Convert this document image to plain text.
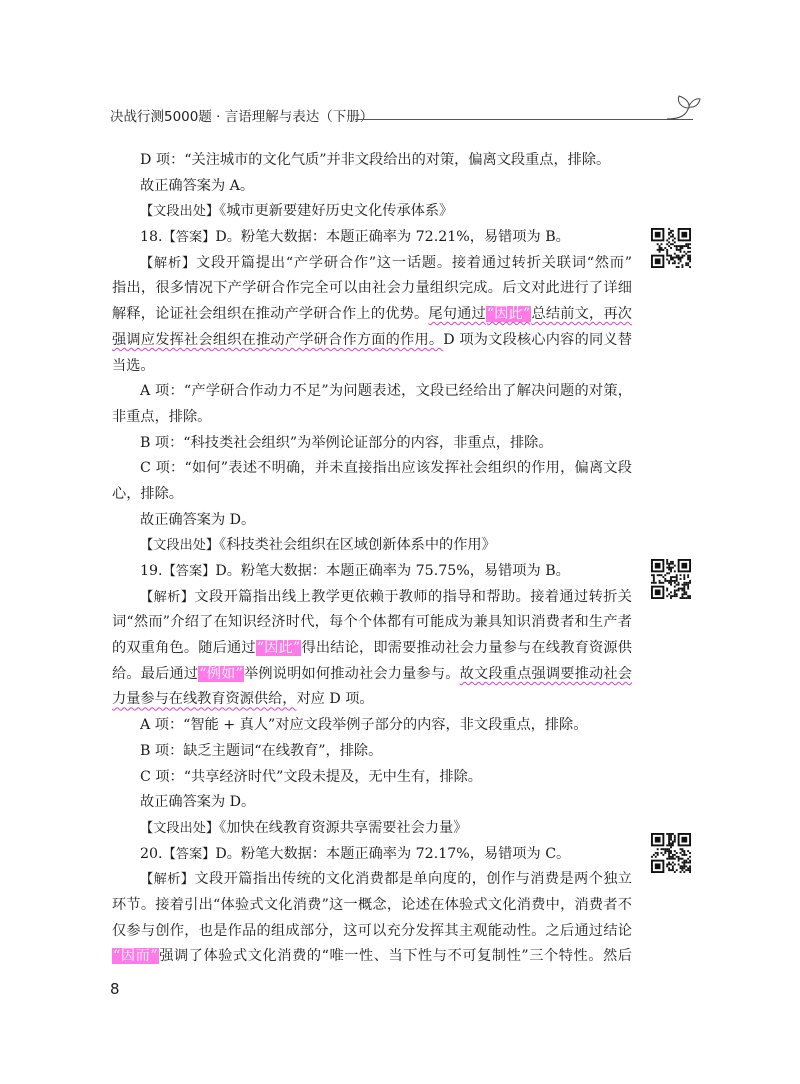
决战行测5000题 · 言语理解与表达（下册）
D 项：“关注城市的文化气质”并非文段给出的对策，偏离文段重点，排除。
故正确答案为 A。
【文段出处】《城市更新要建好历史文化传承体系》
18.【答案】D。粉笔大数据：本题正确率为 72.21%，易错项为 B。
【解析】文段开篇提出“产学研合作”这一话题。接着通过转折关联词“然而”
指出，很多情况下产学研合作完全可以由社会力量组织完成。后文对此进行了详细
解释，论证社会组织在推动产学研合作上的优势。尾句通过“因此”总结前文，再次
强调应发挥社会组织在推动产学研合作方面的作用。D 项为文段核心内容的同义替
当选。
A 项：“产学研合作动力不足”为问题表述，文段已经给出了解决问题的对策，
非重点，排除。
B 项：“科技类社会组织”为举例论证部分的内容，非重点，排除。
C 项：“如何”表述不明确，并未直接指出应该发挥社会组织的作用，偏离文段
心，排除。
故正确答案为 D。
【文段出处】《科技类社会组织在区域创新体系中的作用》
19.【答案】D。粉笔大数据：本题正确率为 75.75%，易错项为 B。
【解析】文段开篇指出线上教学更依赖于教师的指导和帮助。接着通过转折关
词“然而”介绍了在知识经济时代，每个个体都有可能成为兼具知识消费者和生产者
的双重角色。随后通过“因此”得出结论，即需要推动社会力量参与在线教育资源供
给。最后通过“例如”举例说明如何推动社会力量参与。故文段重点强调要推动社会
力量参与在线教育资源供给，对应 D 项。
A 项：“智能 + 真人”对应文段举例子部分的内容，非文段重点，排除。
B 项：缺乏主题词“在线教育”，排除。
C 项：“共享经济时代”文段未提及，无中生有，排除。
故正确答案为 D。
【文段出处】《加快在线教育资源共享需要社会力量》
20.【答案】D。粉笔大数据：本题正确率为 72.17%，易错项为 C。
【解析】文段开篇指出传统的文化消费都是单向度的，创作与消费是两个独立
环节。接着引出“体验式文化消费”这一概念，论述在体验式文化消费中，消费者不
仅参与创作，也是作品的组成部分，这可以充分发挥其主观能动性。之后通过结论
“因而”强调了体验式文化消费的“唯一性、当下性与不可复制性”三个特性。然后
8
